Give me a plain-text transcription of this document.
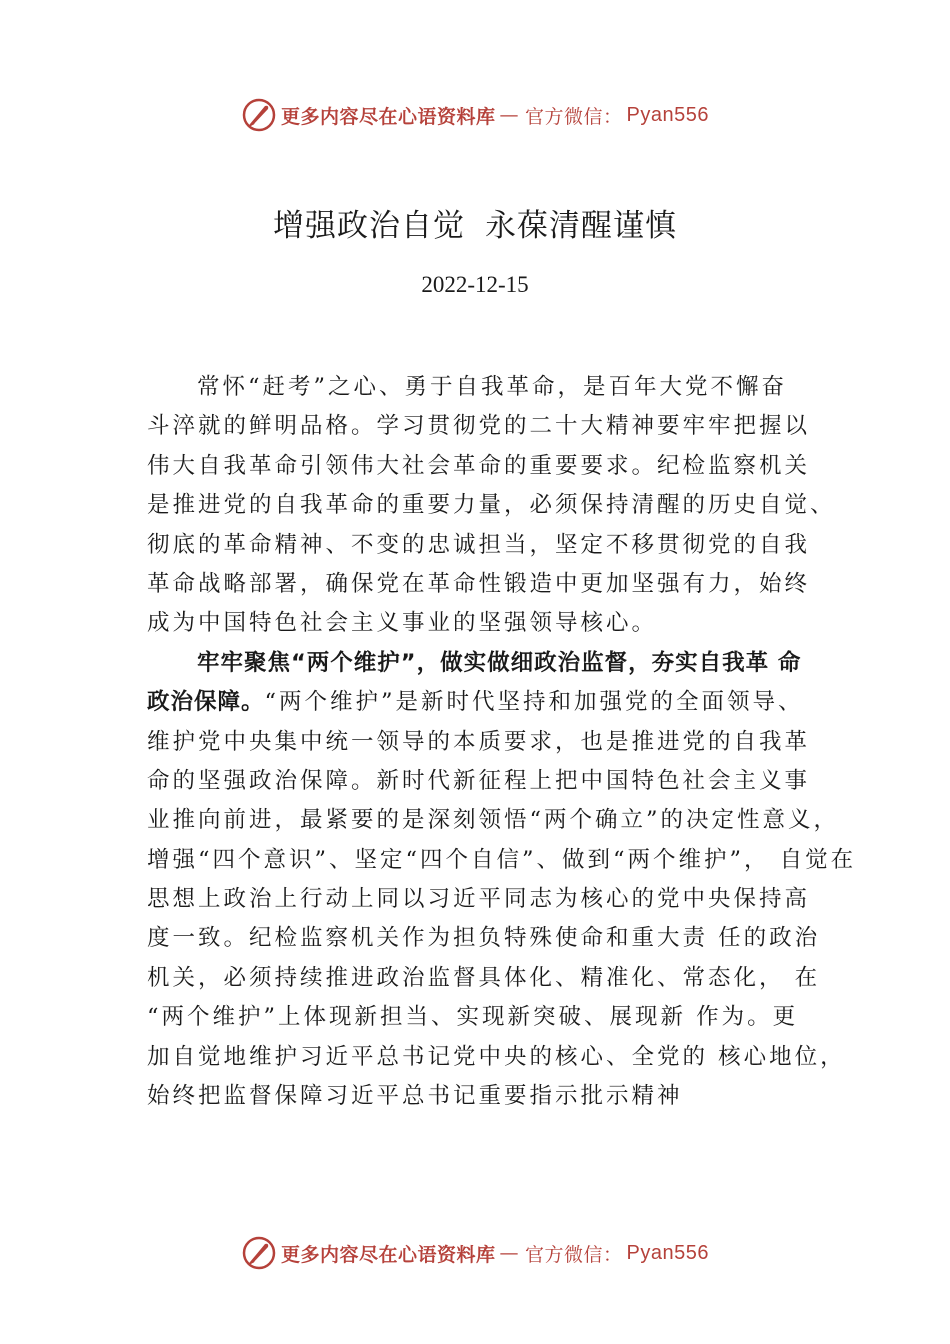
更多内容尽在心语资料库 — 官方微信： Pyan556
增强政治自觉 永葆清醒谨慎
2022-12-15
常怀“赶考”之心、勇于自我革命，是百年大党不懈奋
斗淬就的鲜明品格。学习贯彻党的二十大精神要牢牢把握以
伟大自我革命引领伟大社会革命的重要要求。纪检监察机关
是推进党的自我革命的重要力量，必须保持清醒的历史自觉、
彻底的革命精神、不变的忠诚担当，坚定不移贯彻党的自我
革命战略部署，确保党在革命性锻造中更加坚强有力，始终
成为中国特色社会主义事业的坚强领导核心。
牢牢聚焦“两个维护”，做实做细政治监督，夯实自我革 命
政治保障。“两个维护”是新时代坚持和加强党的全面领导、
维护党中央集中统一领导的本质要求，也是推进党的自我革
命的坚强政治保障。新时代新征程上把中国特色社会主义事
业推向前进，最紧要的是深刻领悟“两个确立”的决定性意义，
增强“四个意识”、坚定“四个自信”、做到“两个维护”， 自觉在
思想上政治上行动上同以习近平同志为核心的党中央保持高
度一致。纪检监察机关作为担负特殊使命和重大责 任的政治
机关，必须持续推进政治监督具体化、精准化、常态化， 在
“两个维护”上体现新担当、实现新突破、展现新 作为。更
加自觉地维护习近平总书记党中央的核心、全党的 核心地位，
始终把监督保障习近平总书记重要指示批示精神
更多内容尽在心语资料库 — 官方微信： Pyan556
